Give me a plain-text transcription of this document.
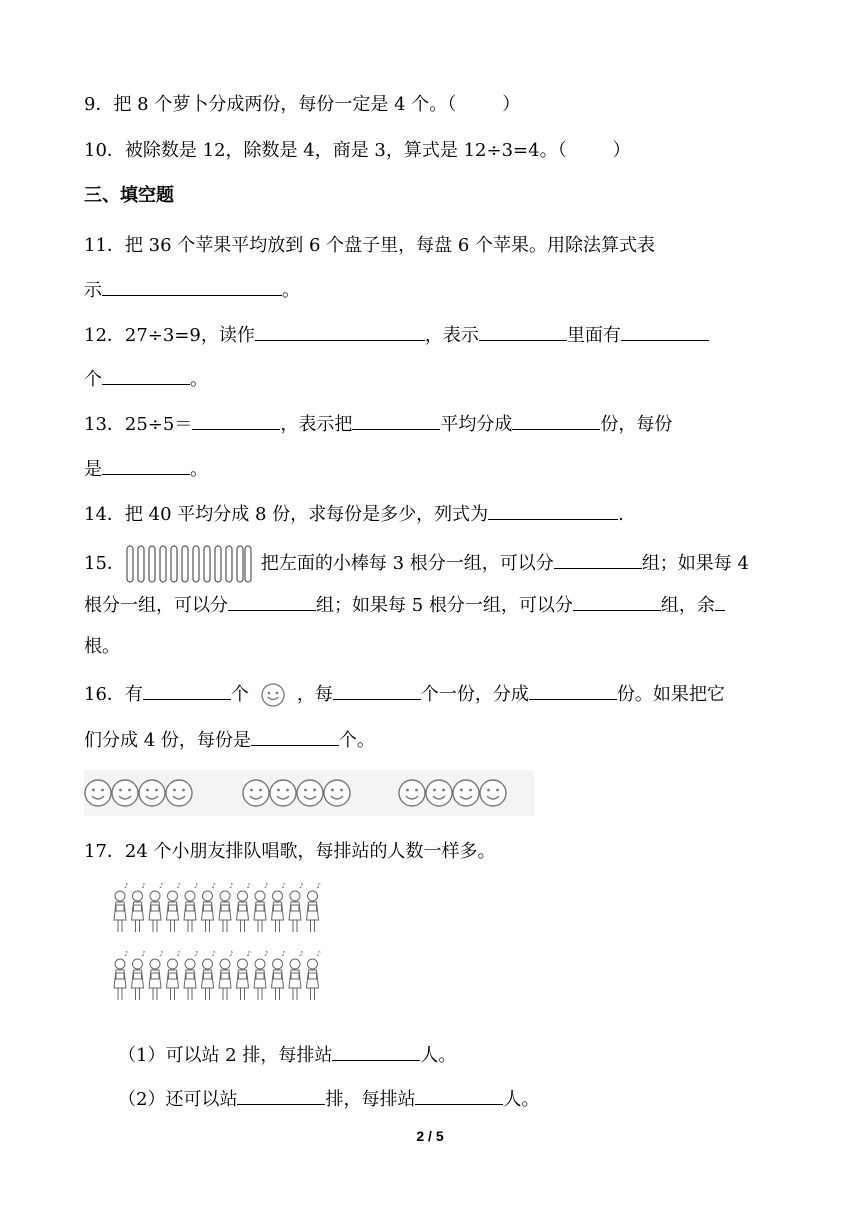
9．把 8 个萝卜分成两份，每份一定是 4 个。（	）
10．被除数是 12，除数是 4，商是 3，算式是 12÷3=4。（	）
三、填空题
11．把 36 个苹果平均放到 6 个盘子里，每盘 6 个苹果。用除法算式表
示	。
12．27÷3=9，读作	，表示	里面有
个	。
13．25÷5＝	，表示把	平均分成	份，每份
是	。
14．把 40 平均分成 8 份，求每份是多少，列式为	.
15．	把左面的小棒每 3 根分一组，可以分	组；如果每 4
根分一组，可以分	组；如果每 5 根分一组，可以分	组，余
根。
16．有	个	，每	个一份，分成	份。如果把它
们分成 4 份，每份是	个。
17．24 个小朋友排队唱歌，每排站的人数一样多。
♪ ♪ ♪ ♪ ♪ ♪ ♪ ♪ ♪ ♪ ♪ ♪
♪ ♪ ♪ ♪ ♪ ♪ ♪ ♪ ♪ ♪ ♪ ♪
（1）可以站 2 排，每排站	人。
（2）还可以站	排，每排站	人。
2 / 5
